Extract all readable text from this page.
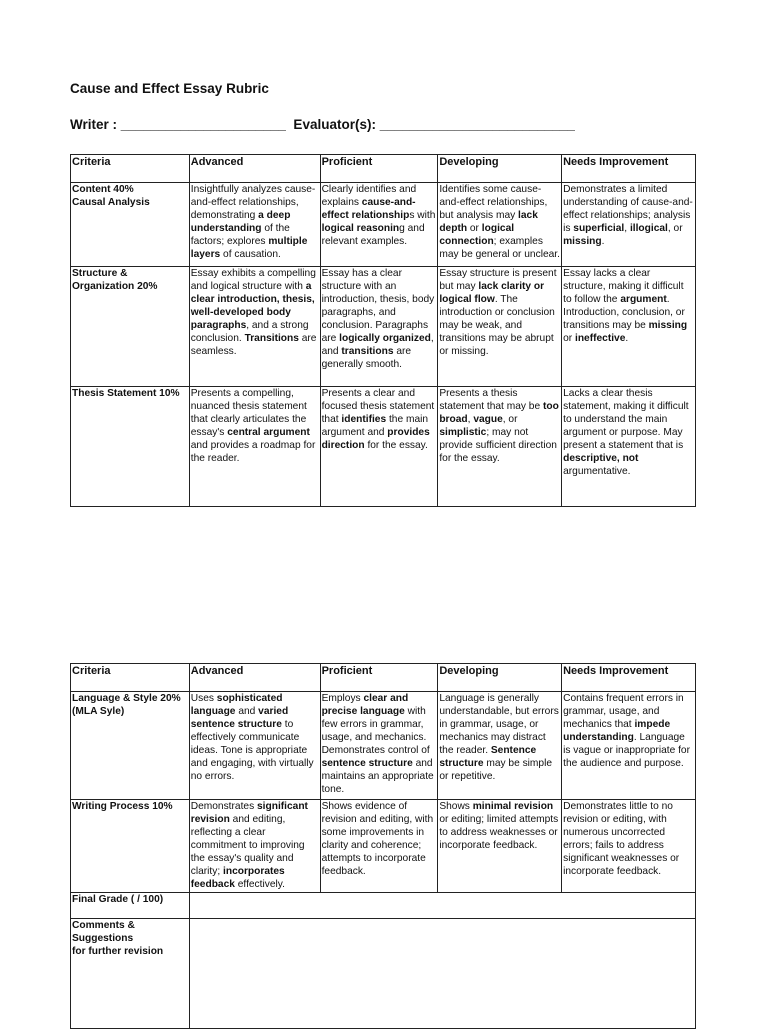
Cause and Effect Essay Rubric
Writer : ______________________  Evaluator(s): __________________________
Criteria	Advanced	Proficient	Developing	Needs Improvement
Content 40%
Causal Analysis	Insightfully analyzes cause-and-effect relationships, demonstrating a deep understanding of the factors; explores multiple layers of causation.	Clearly identifies and explains cause-and-effect relationships with logical reasoning and relevant examples.	Identifies some cause-and-effect relationships, but analysis may lack depth or logical connection; examples may be general or unclear.	Demonstrates a limited understanding of cause-and-effect relationships; analysis is superficial, illogical, or missing.
Structure &
Organization 20%	Essay exhibits a compelling and logical structure with a clear introduction, thesis, well-developed body paragraphs, and a strong conclusion. Transitions are seamless.	Essay has a clear structure with an introduction, thesis, body paragraphs, and conclusion. Paragraphs are logically organized, and transitions are generally smooth.	Essay structure is present but may lack clarity or logical flow. The introduction or conclusion may be weak, and transitions may be abrupt or missing.	Essay lacks a clear structure, making it difficult to follow the argument. Introduction, conclusion, or transitions may be missing or ineffective.
Thesis Statement 10%	Presents a compelling, nuanced thesis statement that clearly articulates the essay's central argument and provides a roadmap for the reader.	Presents a clear and focused thesis statement that identifies the main argument and provides direction for the essay.	Presents a thesis statement that may be too broad, vague, or simplistic; may not provide sufficient direction for the essay.	Lacks a clear thesis statement, making it difficult to understand the main argument or purpose. May present a statement that is descriptive, not argumentative.
Criteria	Advanced	Proficient	Developing	Needs Improvement
Language & Style 20%
(MLA Syle)	Uses sophisticated language and varied sentence structure to effectively communicate ideas. Tone is appropriate and engaging, with virtually no errors.	Employs clear and precise language with few errors in grammar, usage, and mechanics. Demonstrates control of sentence structure and maintains an appropriate tone.	Language is generally understandable, but errors in grammar, usage, or mechanics may distract the reader. Sentence structure may be simple or repetitive.	Contains frequent errors in grammar, usage, and mechanics that impede understanding. Language is vague or inappropriate for the audience and purpose.
Writing Process 10%	Demonstrates significant revision and editing, reflecting a clear commitment to improving the essay's quality and clarity; incorporates feedback effectively.	Shows evidence of revision and editing, with some improvements in clarity and coherence; attempts to incorporate feedback.	Shows minimal revision or editing; limited attempts to address weaknesses or incorporate feedback.	Demonstrates little to no revision or editing, with numerous uncorrected errors; fails to address significant weaknesses or incorporate feedback.
Final Grade ( / 100)				
Comments &
Suggestions
for further revision				
